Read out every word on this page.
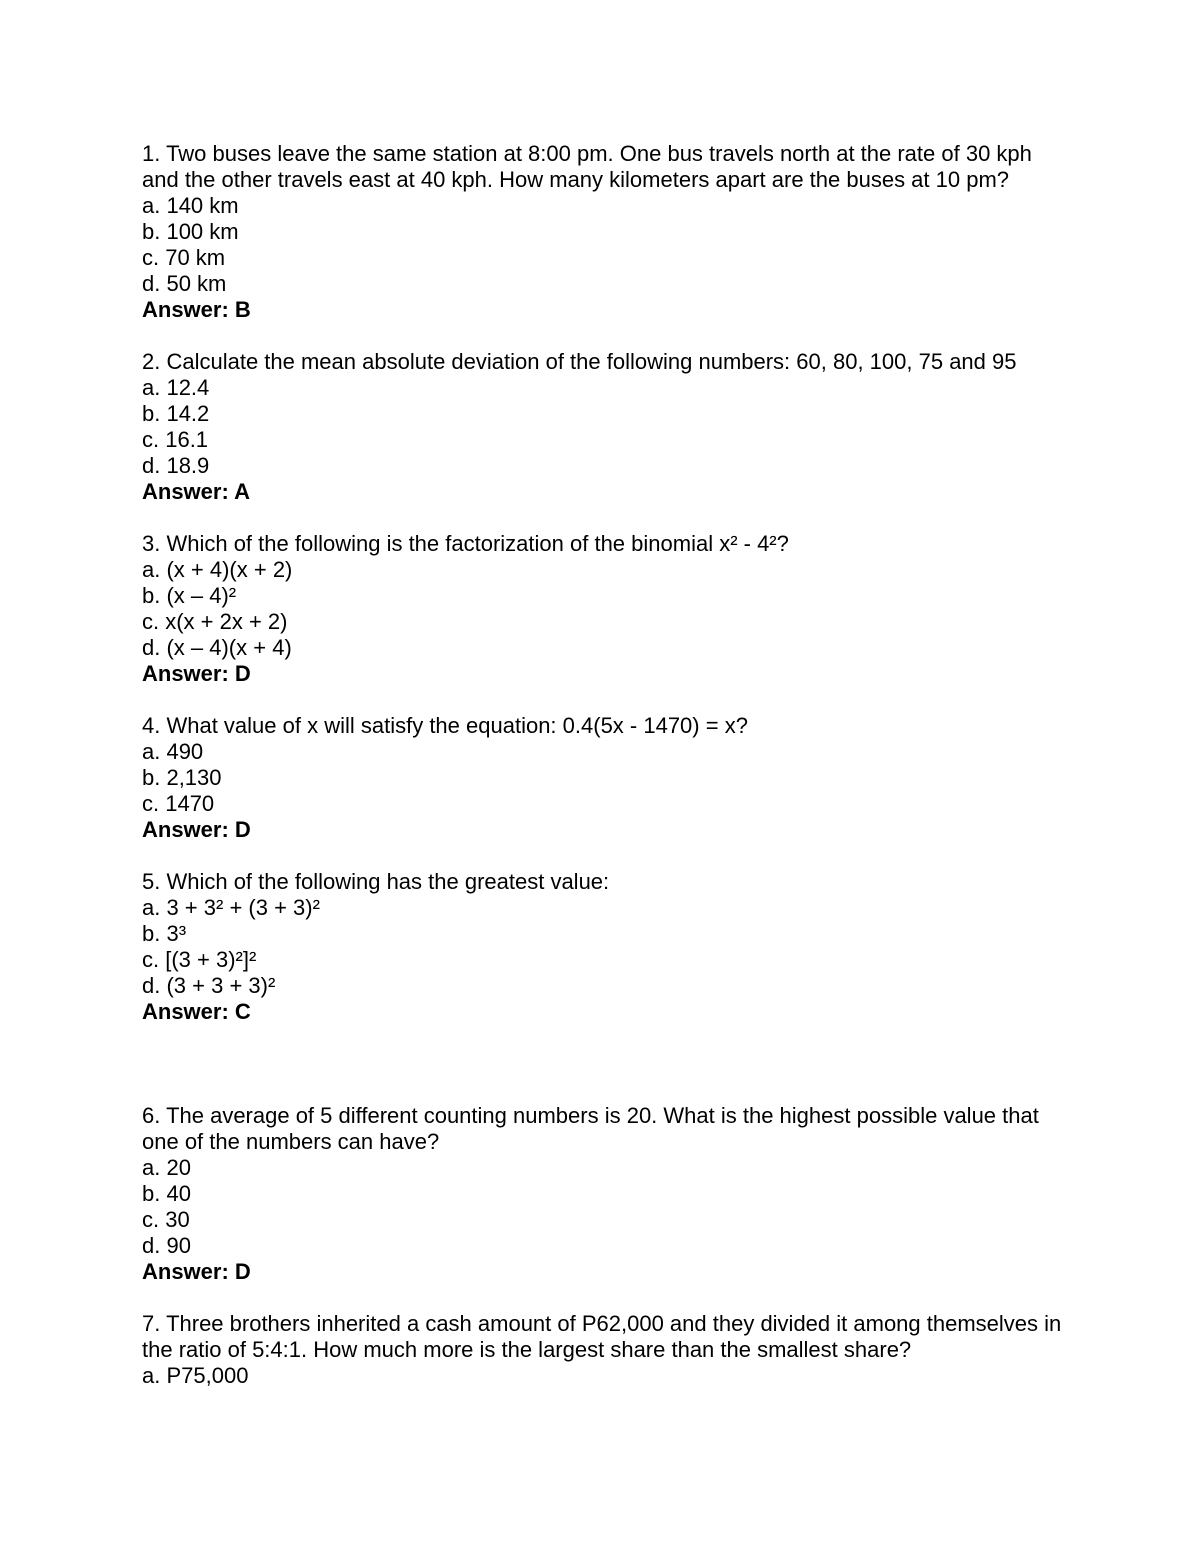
1. Two buses leave the same station at 8:00 pm. One bus travels north at the rate of 30 kph and the other travels east at 40 kph. How many kilometers apart are the buses at 10 pm?
a. 140 km
b. 100 km
c. 70 km
d. 50 km
Answer: B
2. Calculate the mean absolute deviation of the following numbers: 60, 80, 100, 75 and 95
a. 12.4
b. 14.2
c. 16.1
d. 18.9
Answer: A
3. Which of the following is the factorization of the binomial x² - 4²?
a. (x + 4)(x + 2)
b. (x – 4)²
c. x(x + 2x + 2)
d. (x – 4)(x + 4)
Answer: D
4. What value of x will satisfy the equation: 0.4(5x - 1470) = x?
a. 490
b. 2,130
c. 1470
Answer: D
5. Which of the following has the greatest value:
a. 3 + 3² + (3 + 3)²
b. 3³
c. [(3 + 3)²]²
d. (3 + 3 + 3)²
Answer: C
6. The average of 5 different counting numbers is 20. What is the highest possible value that one of the numbers can have?
a. 20
b. 40
c. 30
d. 90
Answer: D
7. Three brothers inherited a cash amount of P62,000 and they divided it among themselves in the ratio of 5:4:1. How much more is the largest share than the smallest share?
a. P75,000
